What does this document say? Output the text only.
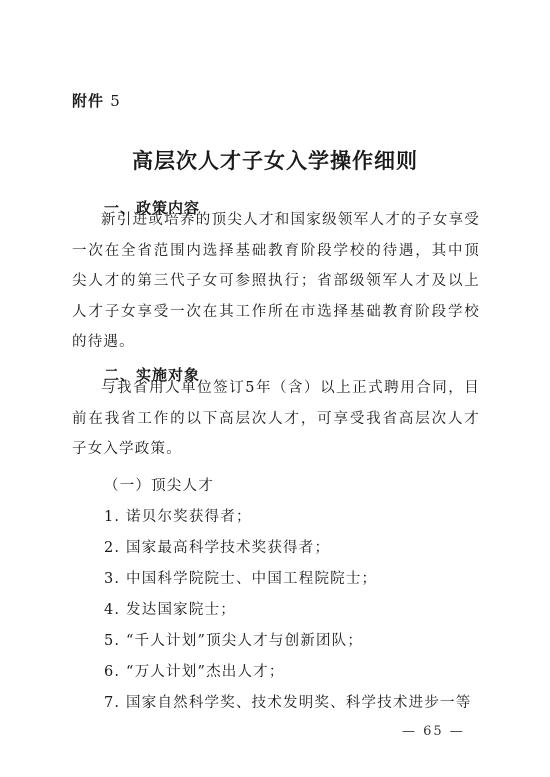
附件 5
高层次人才子女入学操作细则
一、政策内容
新引进或培养的顶尖人才和国家级领军人才的子女享受一次在全省范围内选择基础教育阶段学校的待遇，其中顶尖人才的第三代子女可参照执行；省部级领军人才及以上人才子女享受一次在其工作所在市选择基础教育阶段学校的待遇。
二、实施对象
与我省用人单位签订5年（含）以上正式聘用合同，目前在我省工作的以下高层次人才，可享受我省高层次人才子女入学政策。
（一）顶尖人才
1. 诺贝尔奖获得者；
2. 国家最高科学技术奖获得者；
3. 中国科学院院士、中国工程院院士；
4. 发达国家院士；
5. “千人计划”顶尖人才与创新团队；
6. “万人计划”杰出人才；
7. 国家自然科学奖、技术发明奖、科学技术进步一等
— 65 —
